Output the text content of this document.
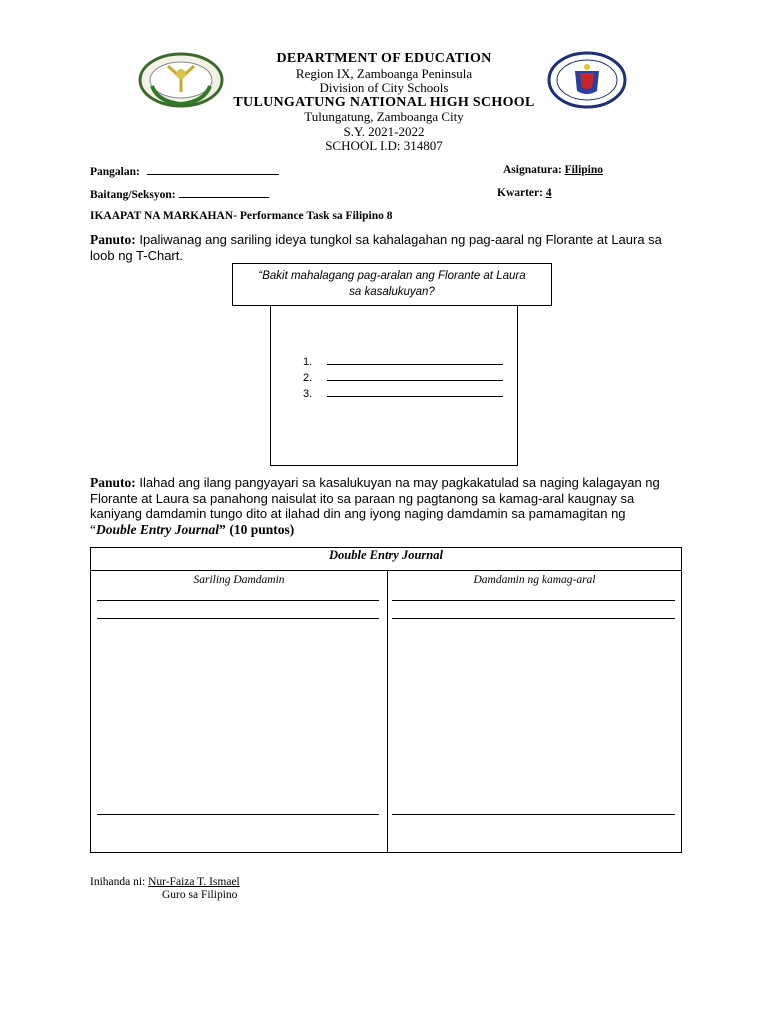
DEPARTMENT OF EDUCATION
Region IX, Zamboanga Peninsula
Division of City Schools
TULUNGATUNG NATIONAL HIGH SCHOOL
Tulungatung, Zamboanga City
S.Y. 2021-2022
SCHOOL I.D: 314807
Pangalan:	Asignatura: Filipino
Baitang/Seksyon:	Kwarter: 4
IKAAPAT NA MARKAHAN- Performance Task sa Filipino 8
Panuto: Ipaliwanag ang sariling ideya tungkol sa kahalagahan ng pag-aaral ng Florante at Laura sa loob ng T-Chart.
1.
2.
3.
“Bakit mahalagang pag-aralan ang Florante at Laura
sa kasalukuyan?
Panuto: Ilahad ang ilang pangyayari sa kasalukuyan na may pagkakatulad sa naging kalagayan ng Florante at Laura sa panahong naisulat ito sa paraan ng pagtanong sa kamag-aral kaugnay sa kaniyang damdamin tungo dito at ilahad din ang iyong naging damdamin sa pamamagitan ng
“Double Entry Journal” (10 puntos)
Double Entry Journal
Sariling Damdamin	Damdamin ng kamag-aral
Inihanda ni: Nur-Faiza T. Ismael
Guro sa Filipino
